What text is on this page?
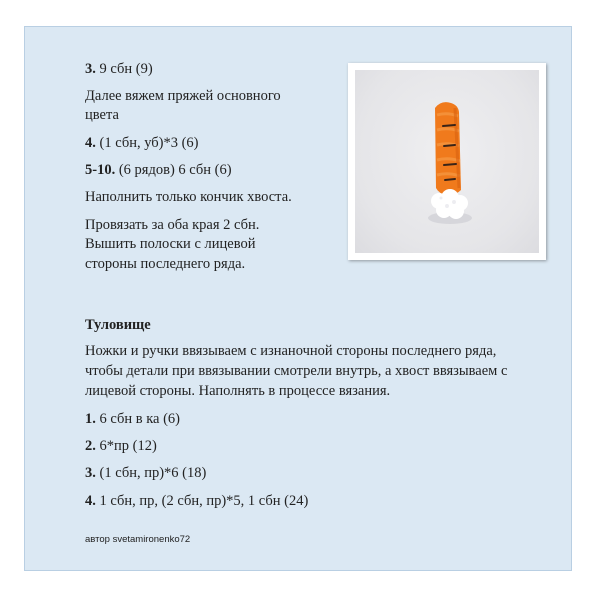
3. 9 сбн (9)

Далее вяжем пряжей основного

цвета

4. (1 сбн, уб)*3 (6)

5-10. (6 рядов) 6 сбн (6)

Наполнить только кончик хвоста.

Провязать за оба края 2 сбн.

Вышить полоски с лицевой

стороны последнего ряда.

Туловище

Ножки и ручки ввязываем с изнаночной стороны последнего ряда,

чтобы детали при ввязывании смотрели внутрь, а хвост ввязываем с

лицевой стороны. Наполнять в процессе вязания.

1. 6 сбн в ка (6)

2. 6*пр (12)

3. (1 сбн, пр)*6 (18)

4. 1 сбн, пр, (2 сбн, пр)*5, 1 сбн (24)

автор svetamironenko72
